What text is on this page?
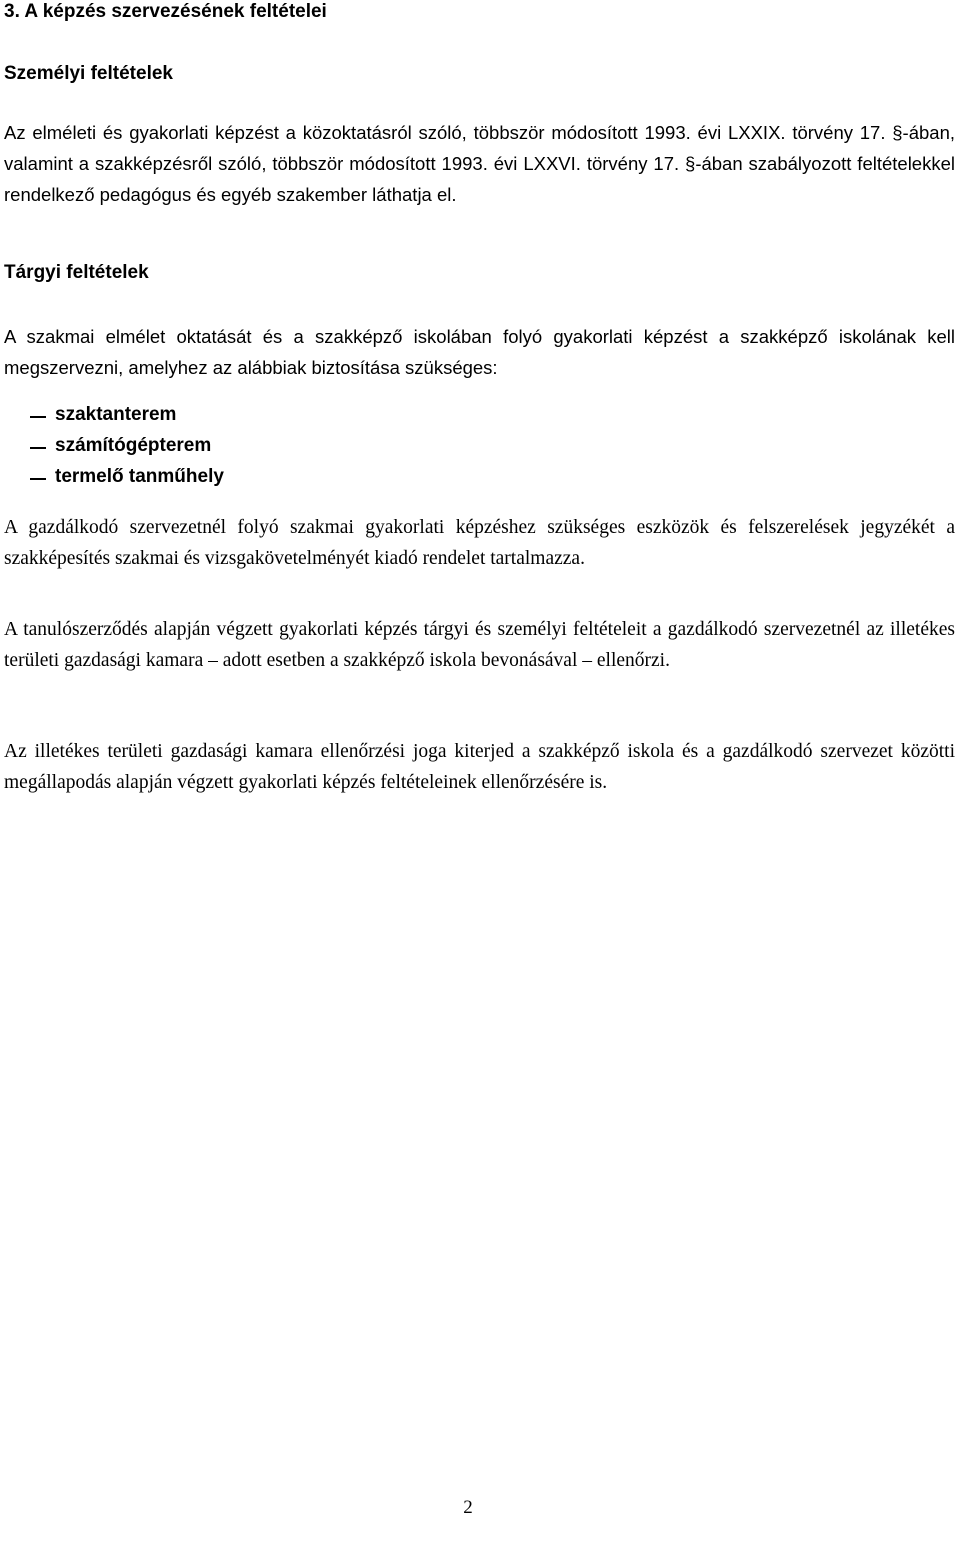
3. A képzés szervezésének feltételei
Személyi feltételek

Az elméleti és gyakorlati képzést a közoktatásról szóló, többször módosított 1993. évi LXXIX. törvény 17. §-ában, valamint a szakképzésről szóló, többször módosított 1993. évi LXXVI. törvény 17. §-ában szabályozott feltételekkel rendelkező pedagógus és egyéb szakember láthatja el.

Tárgyi feltételek

A szakmai elmélet oktatását és a szakképző iskolában folyó gyakorlati képzést a szakképző iskolának kell megszervezni, amelyhez az alábbiak biztosítása szükséges:

szaktanterem
számítógépterem
termelő tanműhely

A gazdálkodó szervezetnél folyó szakmai gyakorlati képzéshez szükséges eszközök és felszerelések jegyzékét a szakképesítés szakmai és vizsgakövetelményét kiadó rendelet tartalmazza.

A tanulószerződés alapján végzett gyakorlati képzés tárgyi és személyi feltételeit a gazdálkodó szervezetnél az illetékes területi gazdasági kamara – adott esetben a szakképző iskola bevonásával – ellenőrzi.

Az illetékes területi gazdasági kamara ellenőrzési joga kiterjed a szakképző iskola és a gazdálkodó szervezet közötti megállapodás alapján végzett gyakorlati képzés feltételeinek ellenőrzésére is.

2
